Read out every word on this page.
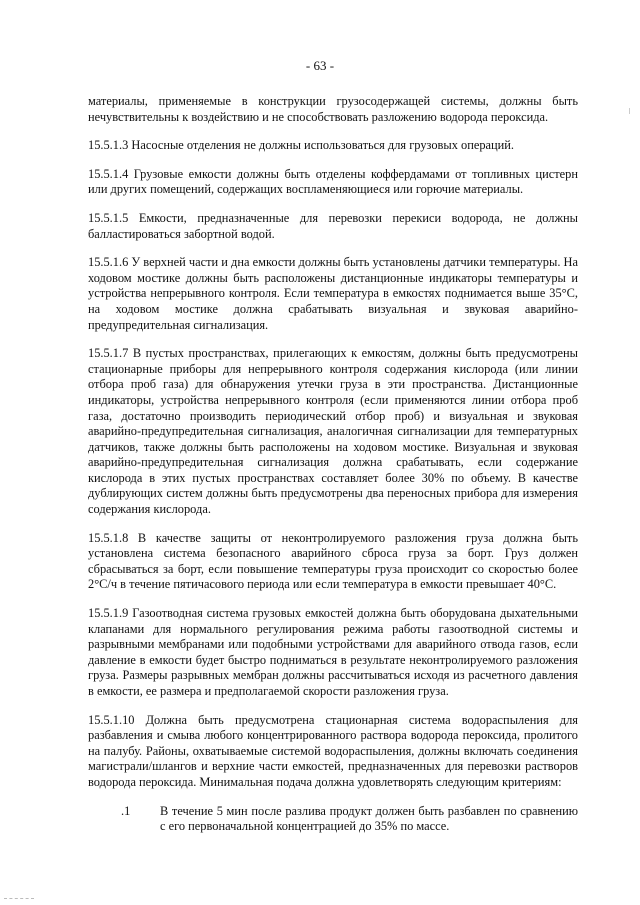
- 63 -

материалы, применяемые в конструкции грузосодержащей системы, должны быть нечувствительны к воздействию и не способствовать разложению водорода пероксида.

15.5.1.3 Насосные отделения не должны использоваться для грузовых операций.

15.5.1.4 Грузовые емкости должны быть отделены коффердамами от топливных цистерн или других помещений, содержащих воспламеняющиеся или горючие материалы.

15.5.1.5 Емкости, предназначенные для перевозки перекиси водорода, не должны балластироваться забортной водой.

15.5.1.6 У верхней части и дна емкости должны быть установлены датчики температуры. На ходовом мостике должны быть расположены дистанционные индикаторы температуры и устройства непрерывного контроля. Если температура в емкостях поднимается выше 35°C, на ходовом мостике должна срабатывать визуальная и звуковая аварийно-предупредительная сигнализация.

15.5.1.7 В пустых пространствах, прилегающих к емкостям, должны быть предусмотрены стационарные приборы для непрерывного контроля содержания кислорода (или линии отбора проб газа) для обнаружения утечки груза в эти пространства. Дистанционные индикаторы, устройства непрерывного контроля (если применяются линии отбора проб газа, достаточно производить периодический отбор проб) и визуальная и звуковая аварийно-предупредительная сигнализация, аналогичная сигнализации для температурных датчиков, также должны быть расположены на ходовом мостике. Визуальная и звуковая аварийно-предупредительная сигнализация должна срабатывать, если содержание кислорода в этих пустых пространствах составляет более 30% по объему. В качестве дублирующих систем должны быть предусмотрены два переносных прибора для измерения содержания кислорода.

15.5.1.8 В качестве защиты от неконтролируемого разложения груза должна быть установлена система безопасного аварийного сброса груза за борт. Груз должен сбрасываться за борт, если повышение температуры груза происходит со скоростью более 2°C/ч в течение пятичасового периода или если температура в емкости превышает 40°C.

15.5.1.9 Газоотводная система грузовых емкостей должна быть оборудована дыхательными клапанами для нормального регулирования режима работы газоотводной системы и разрывными мембранами или подобными устройствами для аварийного отвода газов, если давление в емкости будет быстро подниматься в результате неконтролируемого разложения груза. Размеры разрывных мембран должны рассчитываться исходя из расчетного давления в емкости, ее размера и предполагаемой скорости разложения груза.

15.5.1.10 Должна быть предусмотрена стационарная система водораспыления для разбавления и смыва любого концентрированного раствора водорода пероксида, пролитого на палубу. Районы, охватываемые системой водораспыления, должны включать соединения магистрали/шлангов и верхние части емкостей, предназначенных для перевозки растворов водорода пероксида. Минимальная подача должна удовлетворять следующим критериям:

.1 В течение 5 мин после разлива продукт должен быть разбавлен по сравнению с его первоначальной концентрацией до 35% по массе.
